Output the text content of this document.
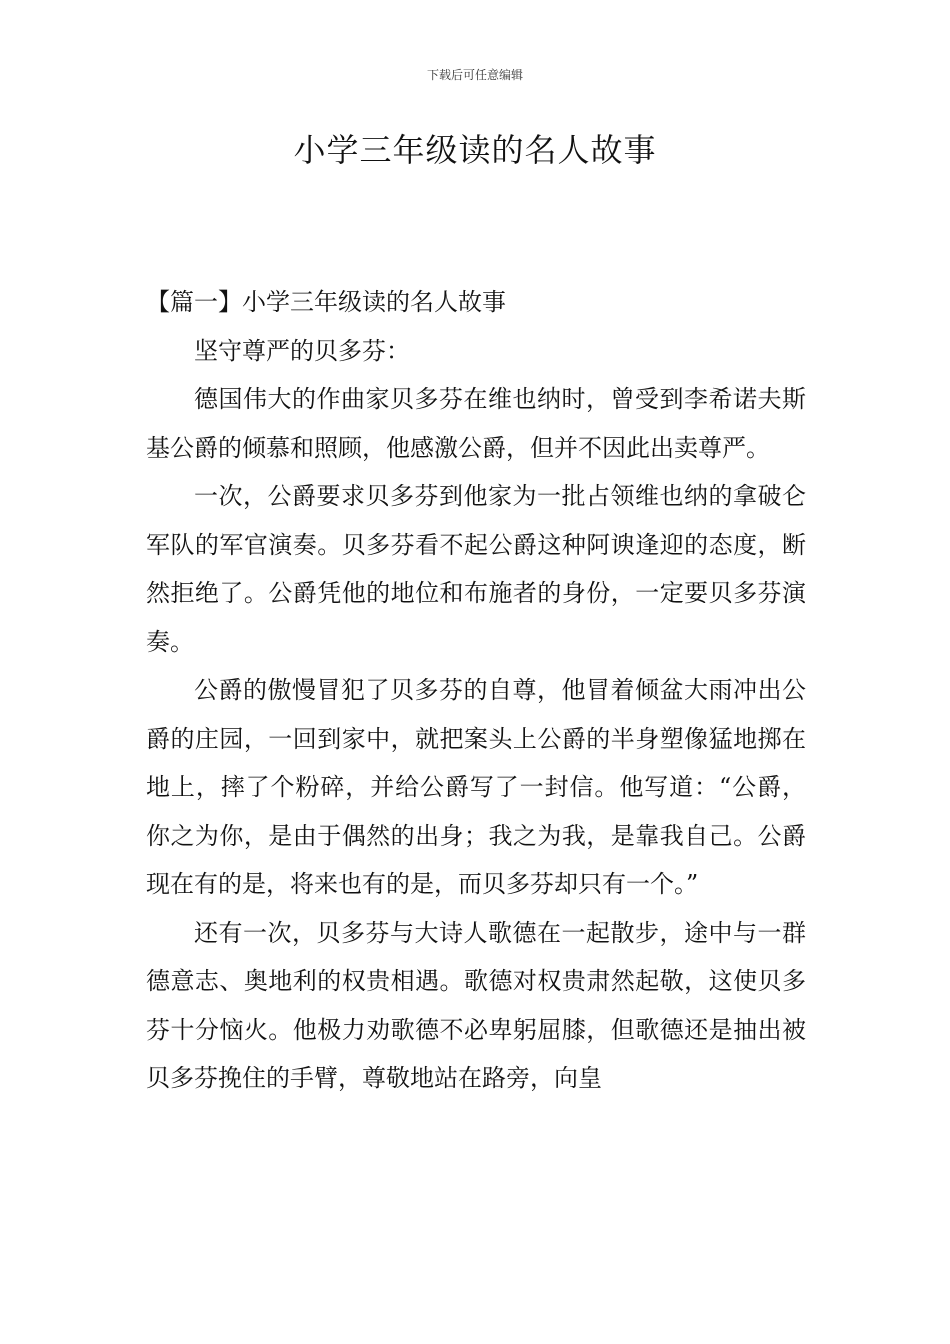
下载后可任意编辑
小学三年级读的名人故事

【篇一】小学三年级读的名人故事

坚守尊严的贝多芬：

德国伟大的作曲家贝多芬在维也纳时，曾受到李希诺夫斯基公爵的倾慕和照顾，他感激公爵，但并不因此出卖尊严。

一次，公爵要求贝多芬到他家为一批占领维也纳的拿破仑军队的军官演奏。贝多芬看不起公爵这种阿谀逢迎的态度，断然拒绝了。公爵凭他的地位和布施者的身份，一定要贝多芬演奏。

公爵的傲慢冒犯了贝多芬的自尊，他冒着倾盆大雨冲出公爵的庄园，一回到家中，就把案头上公爵的半身塑像猛地掷在地上，摔了个粉碎，并给公爵写了一封信。他写道：“公爵，你之为你，是由于偶然的出身；我之为我，是靠我自己。公爵现在有的是，将来也有的是，而贝多芬却只有一个。”

还有一次，贝多芬与大诗人歌德在一起散步，途中与一群德意志、奥地利的权贵相遇。歌德对权贵肃然起敬，这使贝多芬十分恼火。他极力劝歌德不必卑躬屈膝，但歌德还是抽出被贝多芬挽住的手臂，尊敬地站在路旁，向皇
